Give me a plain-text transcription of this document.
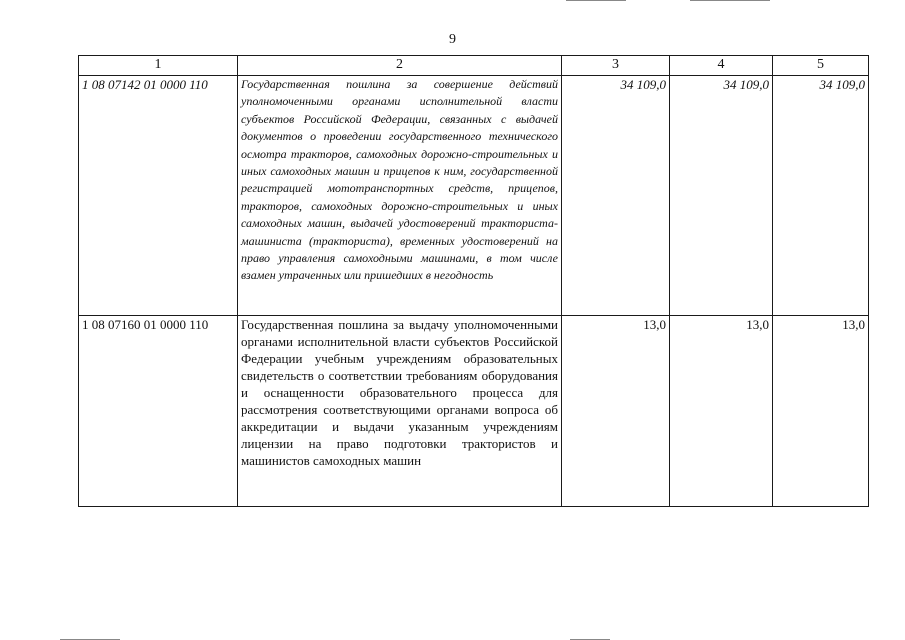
9
1	2	3	4	5
1 08 07142 01 0000 110	Государственная пошлина за совершение действий уполномоченными органами исполнительной власти субъектов Российской Федерации, связанных с выдачей документов о проведении государственного технического осмотра тракторов, самоходных дорожно-строительных и иных самоходных машин и прицепов к ним, государственной регистрацией мототранспортных средств, прицепов, тракторов, самоходных дорожно-строительных и иных самоходных машин, выдачей удостоверений тракториста-машиниста (тракториста), временных удостоверений на право управления самоходными машинами, в том числе взамен утраченных или пришедших в негодность	34 109,0	34 109,0	34 109,0
1 08 07160 01 0000 110	Государственная пошлина за выдачу уполномоченными органами исполнительной власти субъектов Российской Федерации учебным учреждениям образовательных свидетельств о соответствии требованиям оборудования и оснащенности образовательного процесса для рассмотрения соответствующими органами вопроса об аккредитации и выдачи указанным учреждениям лицензии на право подготовки трактористов и машинистов самоходных машин	13,0	13,0	13,0
